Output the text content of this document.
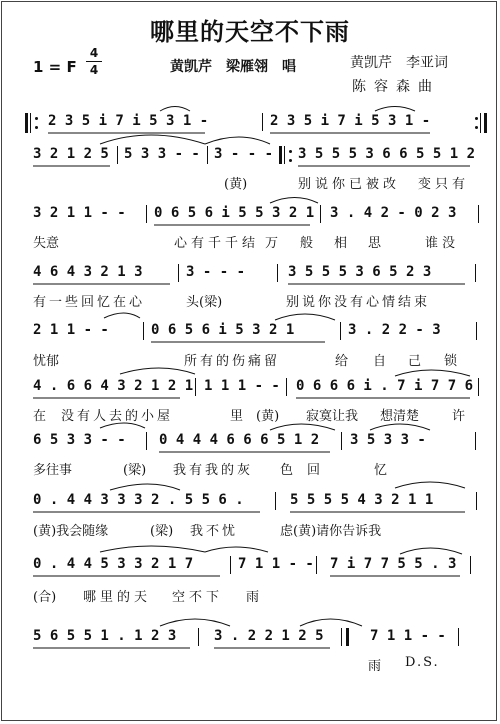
哪里的天空不下雨
1 = F
4
4	黄凯芹　梁雁翎　唱	黄凯芹　李亚词
陈容森曲
2 3 5 i 7 i 5 3 1 -	2 3 5 i 7 i 5 3 1 -
3 2 1 2 5 5 3 3 - - 3 - - - 3 5 5 5 3 6 6 5 5 1 2
(黄)	别说你已被改 变只有
3 2 1 1 - - 0 6 5 6 i 5 5 3 2 1 3 . 4 2 - 0 2 3
失意	心有千千结 万 般 相 思	谁没
4 6 4 3 2 1 3	3 - - -	3 5 5 5 3 6 5 2 3
有一些回忆在心	头(梁)	别说你没有心情结束
2 1 1 - -	0 6 5 6 i 5 3 2 1	3 . 2 2 - 3
忧郁	所有的伤痛留	给 自 己 锁
4 . 6 6 4 3 2 1 2 1 1 1 1 - - 0 6 6 6 i . 7 i 7 7 6
在 没有人去的小屋	里 (黄) 寂寞让我 想清楚	许
6 5 3 3 - - 0 4 4 4 6 6 6 5 1 2 3 5 3 3 -
多往事	(梁) 我有我的灰 色回	忆
0 . 4 4 3 3 3 2 . 5 5 6 .	5 5 5 5 4 3 2 1 1
(黄)我会随缘	(梁) 我不忧	虑(黄)请你告诉我
0 . 4 4 5 3 3 2 1 7	7 1 1 - - 7 i 7 7 5 5 . 3
(合) 哪里的天 空不下 雨
5 6 5 5 1 . 1 2 3	3 . 2 2 1 2 5	7 1 1 - -
雨 D.S.
